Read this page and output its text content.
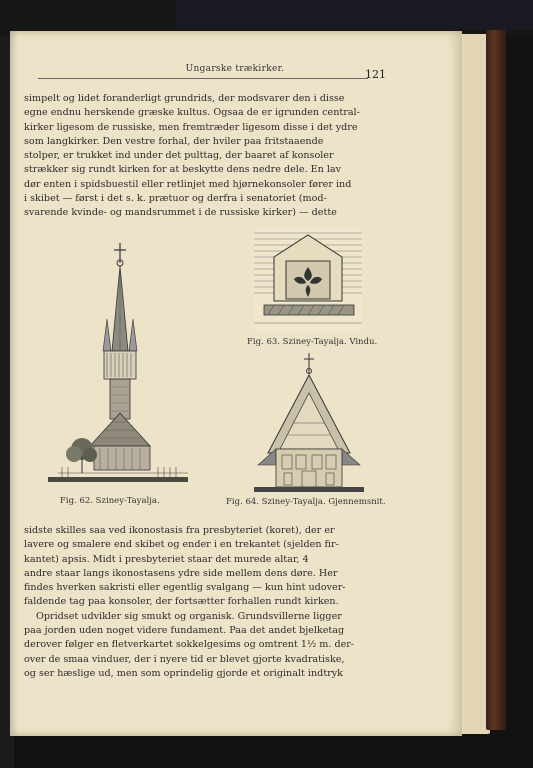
Ungarske trækirker.	121
simpelt og lidet foranderligt grundrids, der modsvarer den i disse
egne endnu herskende græske kultus. Ogsaa de er igrunden central-
kirker ligesom de russiske, men fremtræder ligesom disse i det ydre
som langkirker. Den vestre forhal, der hviler paa fritstaaende
stolper, er trukket ind under det pulttag, der baaret af konsoler
strækker sig rundt kirken for at beskytte dens nedre dele. En lav
dør enten i spidsbuestil eller retlinjet med hjørnekonsoler fører ind
i skibet — først i det s. k. prætuor og derfra i senatoriet (mod-
svarende kvinde- og mandsrummet i de russiske kirker) — dette
Fig. 62. Sziney-Tayalja.
Fig. 63. Sziney-Tayalja. Vindu.
Fig. 64. Sziney-Tayalja. Gjennemsnit.
sidste skilles saa ved ikonostasis fra presbyteriet (koret), der er
lavere og smalere end skibet og ender i en trekantet (sjelden fir-
kantet) apsis. Midt i presbyteriet staar det murede altar, 4
andre staar langs ikonostasens ydre side mellem dens døre. Her
findes hverken sakristi eller egentlig svalgang — kun hint udover-
faldende tag paa konsoler, der fortsætter forhallen rundt kirken.
Opridset udvikler sig smukt og organisk. Grundsvillerne ligger
paa jorden uden noget videre fundament. Paa det andet bjelketag
derover følger en fletverkartet sokkelgesims og omtrent 1½ m. der-
over de smaa vinduer, der i nyere tid er blevet gjorte kvadratiske,
og ser hæslige ud, men som oprindelig gjorde et originalt indtryk
